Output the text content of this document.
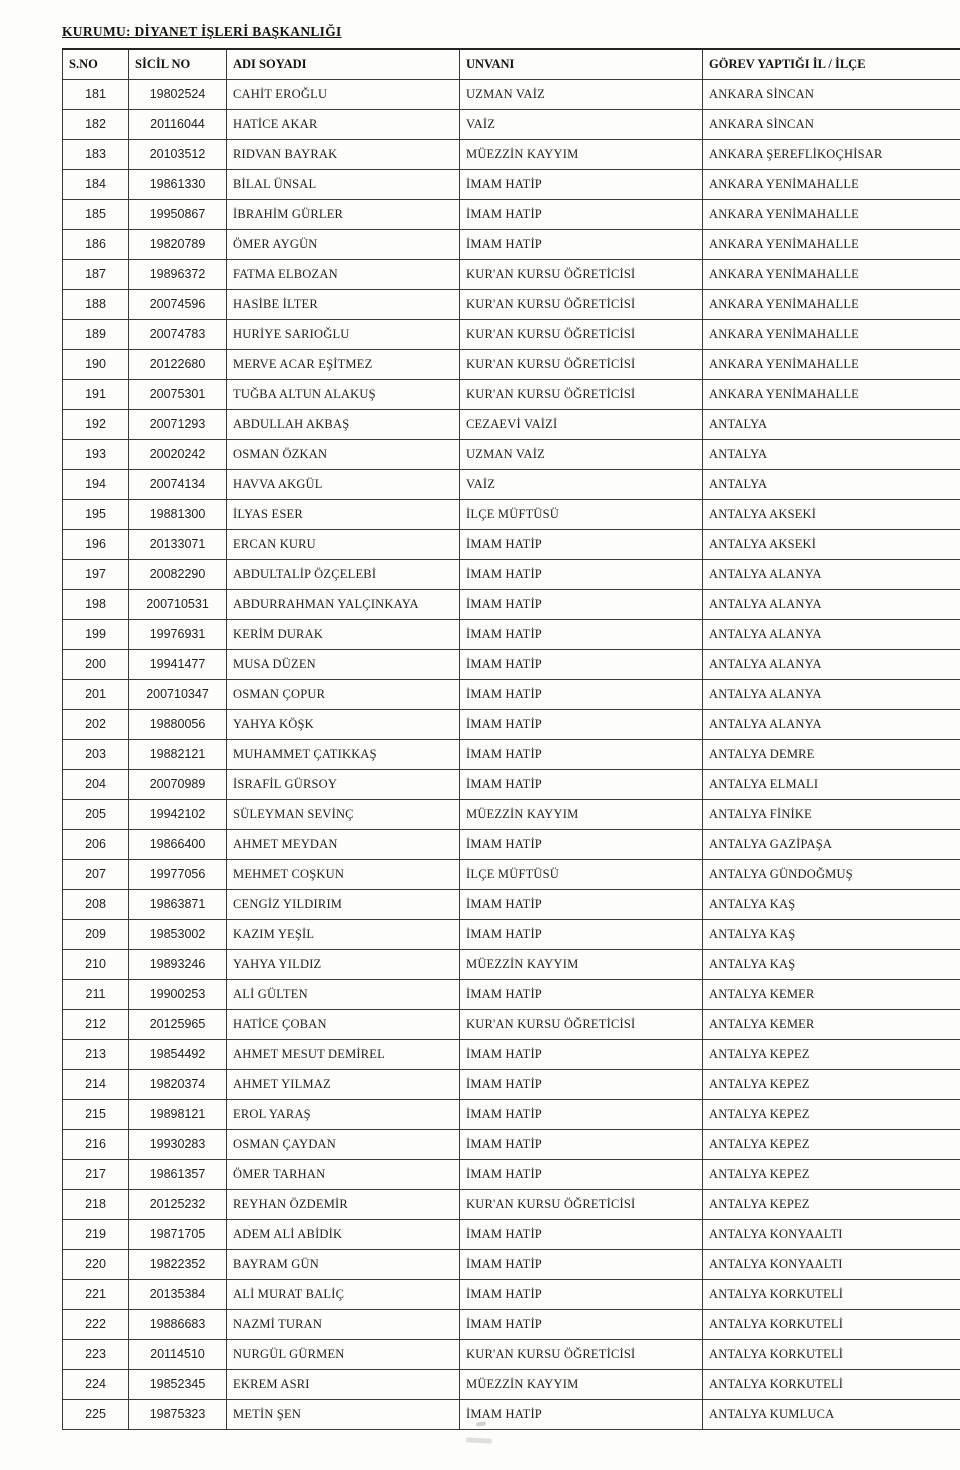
KURUMU: DİYANET İŞLERİ BAŞKANLIĞI
S.NO	SİCİL NO	ADI SOYADI	UNVANI	GÖREV YAPTIĞI İL / İLÇE
181	19802524	CAHİT EROĞLU	UZMAN VAİZ	ANKARA SİNCAN
182	20116044	HATİCE AKAR	VAİZ	ANKARA SİNCAN
183	20103512	RIDVAN BAYRAK	MÜEZZİN KAYYIM	ANKARA ŞEREFLİKOÇHİSAR
184	19861330	BİLAL ÜNSAL	İMAM HATİP	ANKARA YENİMAHALLE
185	19950867	İBRAHİM GÜRLER	İMAM HATİP	ANKARA YENİMAHALLE
186	19820789	ÖMER AYGÜN	İMAM HATİP	ANKARA YENİMAHALLE
187	19896372	FATMA ELBOZAN	KUR'AN KURSU ÖĞRETİCİSİ	ANKARA YENİMAHALLE
188	20074596	HASİBE İLTER	KUR'AN KURSU ÖĞRETİCİSİ	ANKARA YENİMAHALLE
189	20074783	HURİYE SARIOĞLU	KUR'AN KURSU ÖĞRETİCİSİ	ANKARA YENİMAHALLE
190	20122680	MERVE ACAR EŞİTMEZ	KUR'AN KURSU ÖĞRETİCİSİ	ANKARA YENİMAHALLE
191	20075301	TUĞBA ALTUN ALAKUŞ	KUR'AN KURSU ÖĞRETİCİSİ	ANKARA YENİMAHALLE
192	20071293	ABDULLAH AKBAŞ	CEZAEVİ VAİZİ	ANTALYA
193	20020242	OSMAN ÖZKAN	UZMAN VAİZ	ANTALYA
194	20074134	HAVVA AKGÜL	VAİZ	ANTALYA
195	19881300	İLYAS ESER	İLÇE MÜFTÜSÜ	ANTALYA AKSEKİ
196	20133071	ERCAN KURU	İMAM HATİP	ANTALYA AKSEKİ
197	20082290	ABDULTALİP ÖZÇELEBİ	İMAM HATİP	ANTALYA ALANYA
198	200710531	ABDURRAHMAN YALÇINKAYA	İMAM HATİP	ANTALYA ALANYA
199	19976931	KERİM DURAK	İMAM HATİP	ANTALYA ALANYA
200	19941477	MUSA DÜZEN	İMAM HATİP	ANTALYA ALANYA
201	200710347	OSMAN ÇOPUR	İMAM HATİP	ANTALYA ALANYA
202	19880056	YAHYA KÖŞK	İMAM HATİP	ANTALYA ALANYA
203	19882121	MUHAMMET ÇATIKKAŞ	İMAM HATİP	ANTALYA DEMRE
204	20070989	İSRAFİL GÜRSOY	İMAM HATİP	ANTALYA ELMALI
205	19942102	SÜLEYMAN SEVİNÇ	MÜEZZİN KAYYIM	ANTALYA FİNİKE
206	19866400	AHMET MEYDAN	İMAM HATİP	ANTALYA GAZİPAŞA
207	19977056	MEHMET COŞKUN	İLÇE MÜFTÜSÜ	ANTALYA GÜNDOĞMUŞ
208	19863871	CENGİZ YILDIRIM	İMAM HATİP	ANTALYA KAŞ
209	19853002	KAZIM YEŞİL	İMAM HATİP	ANTALYA KAŞ
210	19893246	YAHYA YILDIZ	MÜEZZİN KAYYIM	ANTALYA KAŞ
211	19900253	ALİ GÜLTEN	İMAM HATİP	ANTALYA KEMER
212	20125965	HATİCE ÇOBAN	KUR'AN KURSU ÖĞRETİCİSİ	ANTALYA KEMER
213	19854492	AHMET MESUT DEMİREL	İMAM HATİP	ANTALYA KEPEZ
214	19820374	AHMET YILMAZ	İMAM HATİP	ANTALYA KEPEZ
215	19898121	EROL YARAŞ	İMAM HATİP	ANTALYA KEPEZ
216	19930283	OSMAN ÇAYDAN	İMAM HATİP	ANTALYA KEPEZ
217	19861357	ÖMER TARHAN	İMAM HATİP	ANTALYA KEPEZ
218	20125232	REYHAN ÖZDEMİR	KUR'AN KURSU ÖĞRETİCİSİ	ANTALYA KEPEZ
219	19871705	ADEM ALİ ABİDİK	İMAM HATİP	ANTALYA KONYAALTI
220	19822352	BAYRAM GÜN	İMAM HATİP	ANTALYA KONYAALTI
221	20135384	ALİ MURAT BALİÇ	İMAM HATİP	ANTALYA KORKUTELİ
222	19886683	NAZMİ TURAN	İMAM HATİP	ANTALYA KORKUTELİ
223	20114510	NURGÜL GÜRMEN	KUR'AN KURSU ÖĞRETİCİSİ	ANTALYA KORKUTELİ
224	19852345	EKREM ASRI	MÜEZZİN KAYYIM	ANTALYA KORKUTELİ
225	19875323	METİN ŞEN	İMAM HATİP	ANTALYA KUMLUCA
